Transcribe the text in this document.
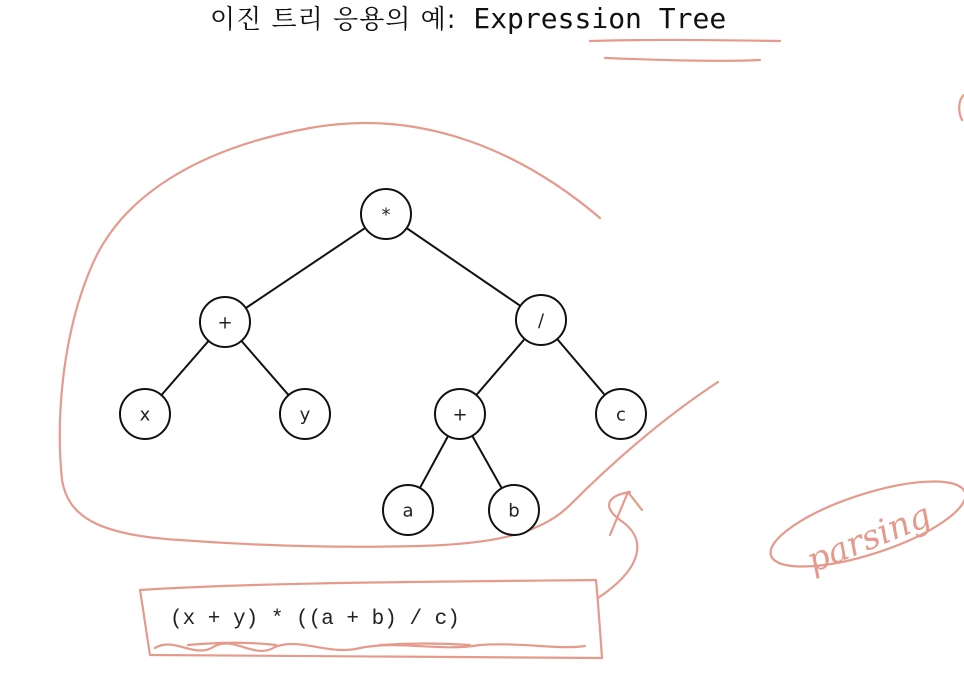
이진 트리 응용의 예: Expression Tree
parsing
*
+	/
x	y	+	c
a	b
(x + y) * ((a + b) / c)
